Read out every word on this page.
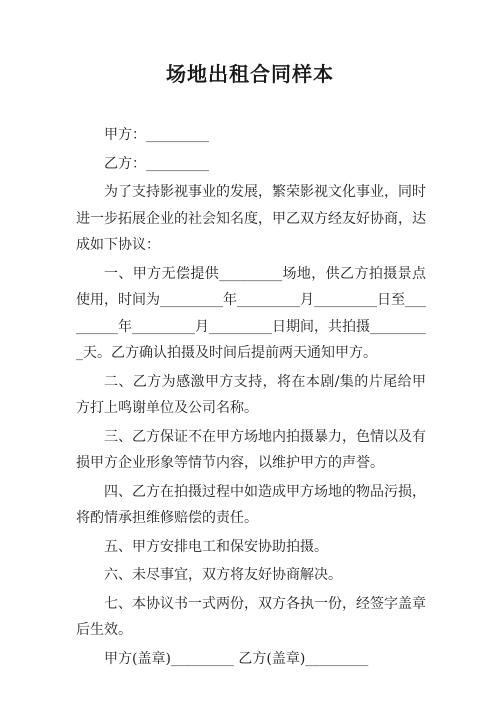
场地出租合同样本

甲方：_________

乙方：_________

为了支持影视事业的发展，繁荣影视文化事业，同时进一步拓展企业的社会知名度，甲乙双方经友好协商，达成如下协议：

一、甲方无偿提供_________场地，供乙方拍摄景点使用，时间为_________年_________月_________日至_________年_________月_________日期间，共拍摄_________天。乙方确认拍摄及时间后提前两天通知甲方。

二、乙方为感激甲方支持，将在本剧/集的片尾给甲方打上鸣谢单位及公司名称。

三、乙方保证不在甲方场地内拍摄暴力，色情以及有损甲方企业形象等情节内容，以维护甲方的声誉。

四、乙方在拍摄过程中如造成甲方场地的物品污损，将酌情承担维修赔偿的责任。

五、甲方安排电工和保安协助拍摄。

六、未尽事宜，双方将友好协商解决。

七、本协议书一式两份，双方各执一份，经签字盖章后生效。

甲方(盖章)_________ 乙方(盖章)_________
